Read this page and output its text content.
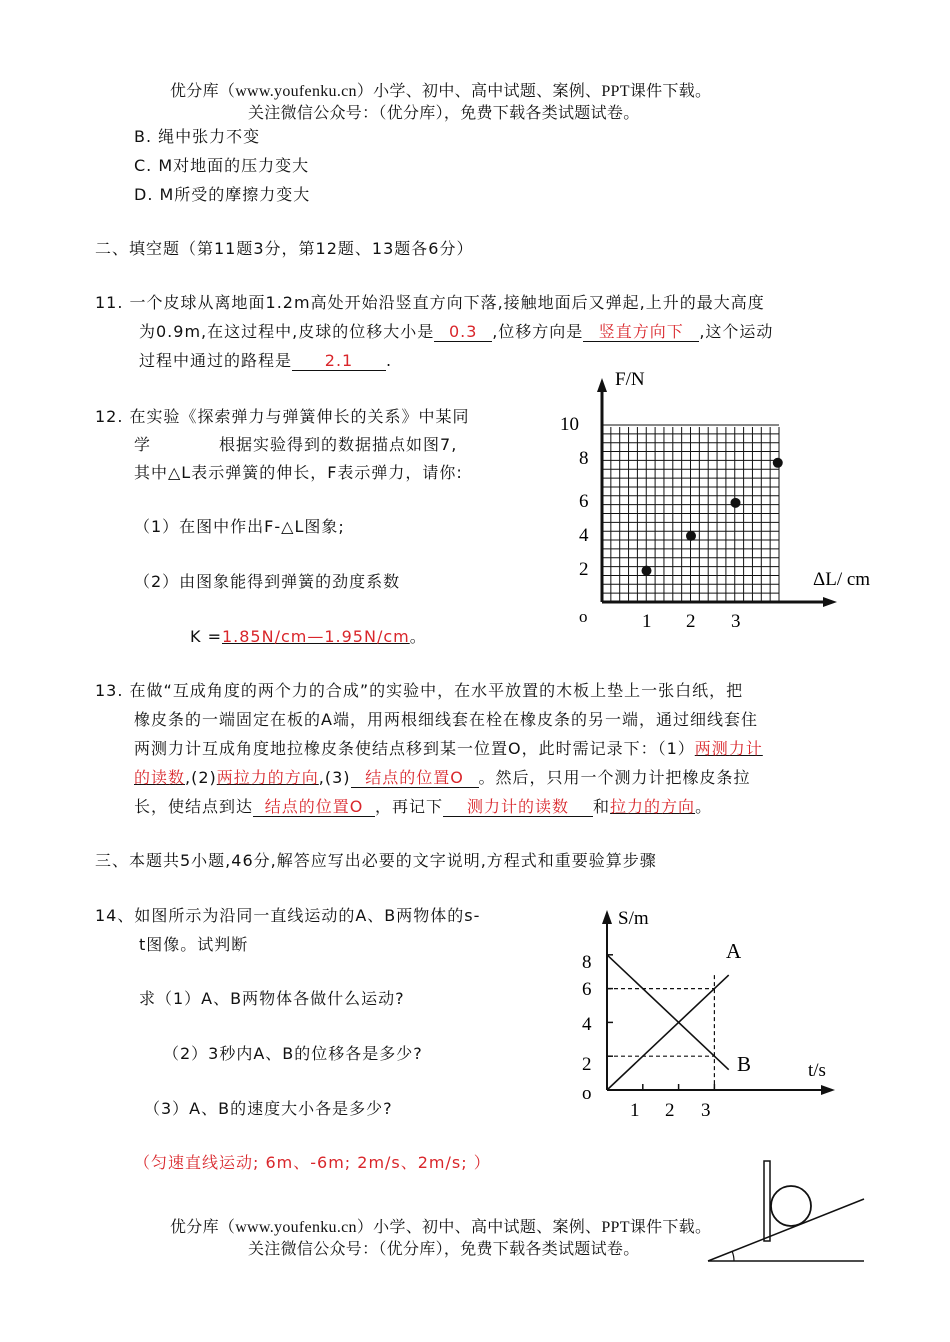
优分库（www.youfenku.cn）小学、初中、高中试题、案例、PPT课件下载。
关注微信公众号：（优分库），免费下载各类试题试卷。
B. 绳中张力不变
C. M对地面的压力变大
D. M所受的摩擦力变大
二、填空题（第11题3分，第12题、13题各6分）
11. 一个皮球从离地面1.2m高处开始沿竖直方向下落,接触地面后又弹起,上升的最大高度
为0.9m,在这过程中,皮球的位移大小是 0.3 ,位移方向是 竖直方向下 ,这个运动
过程中通过的路程是 2.1 .
12. 在实验《探索弹力与弹簧伸长的关系》中某同
学	根据实验得到的数据描点如图7,
其中△L表示弹簧的伸长，F表示弹力，请你:
（1）在图中作出F-△L图象;
（2）由图象能得到弹簧的劲度系数
K =1.85N/cm—1.95N/cm。
F/N
ΔL/ cm
o
10
8
6
4
2
1 2 3
13. 在做“互成角度的两个力的合成”的实验中，在水平放置的木板上垫上一张白纸，把
橡皮条的一端固定在板的A端，用两根细线套在栓在橡皮条的另一端，通过细线套住
两测力计互成角度地拉橡皮条使结点移到某一位置O，此时需记录下：（1）两测力计
的读数,(2)两拉力的方向,(3) 结点的位置O 。然后，只用一个测力计把橡皮条拉
长，使结点到达 结点的位置O ，再记下 测力计的读数 和拉力的方向。
三、本题共5小题,46分,解答应写出必要的文字说明,方程式和重要验算步骤
14、如图所示为沿同一直线运动的A、B两物体的s-
t图像。试判断
求（1）A、B两物体各做什么运动?
（2）3秒内A、B的位移各是多少?
（3）A、B的速度大小各是多少?
（匀速直线运动; 6m、-6m; 2m/s、2m/s; ）
S/m
t/s
o
8
6
4
2
1 2 3
A
B
优分库（www.youfenku.cn）小学、初中、高中试题、案例、PPT课件下载。
关注微信公众号：（优分库），免费下载各类试题试卷。
